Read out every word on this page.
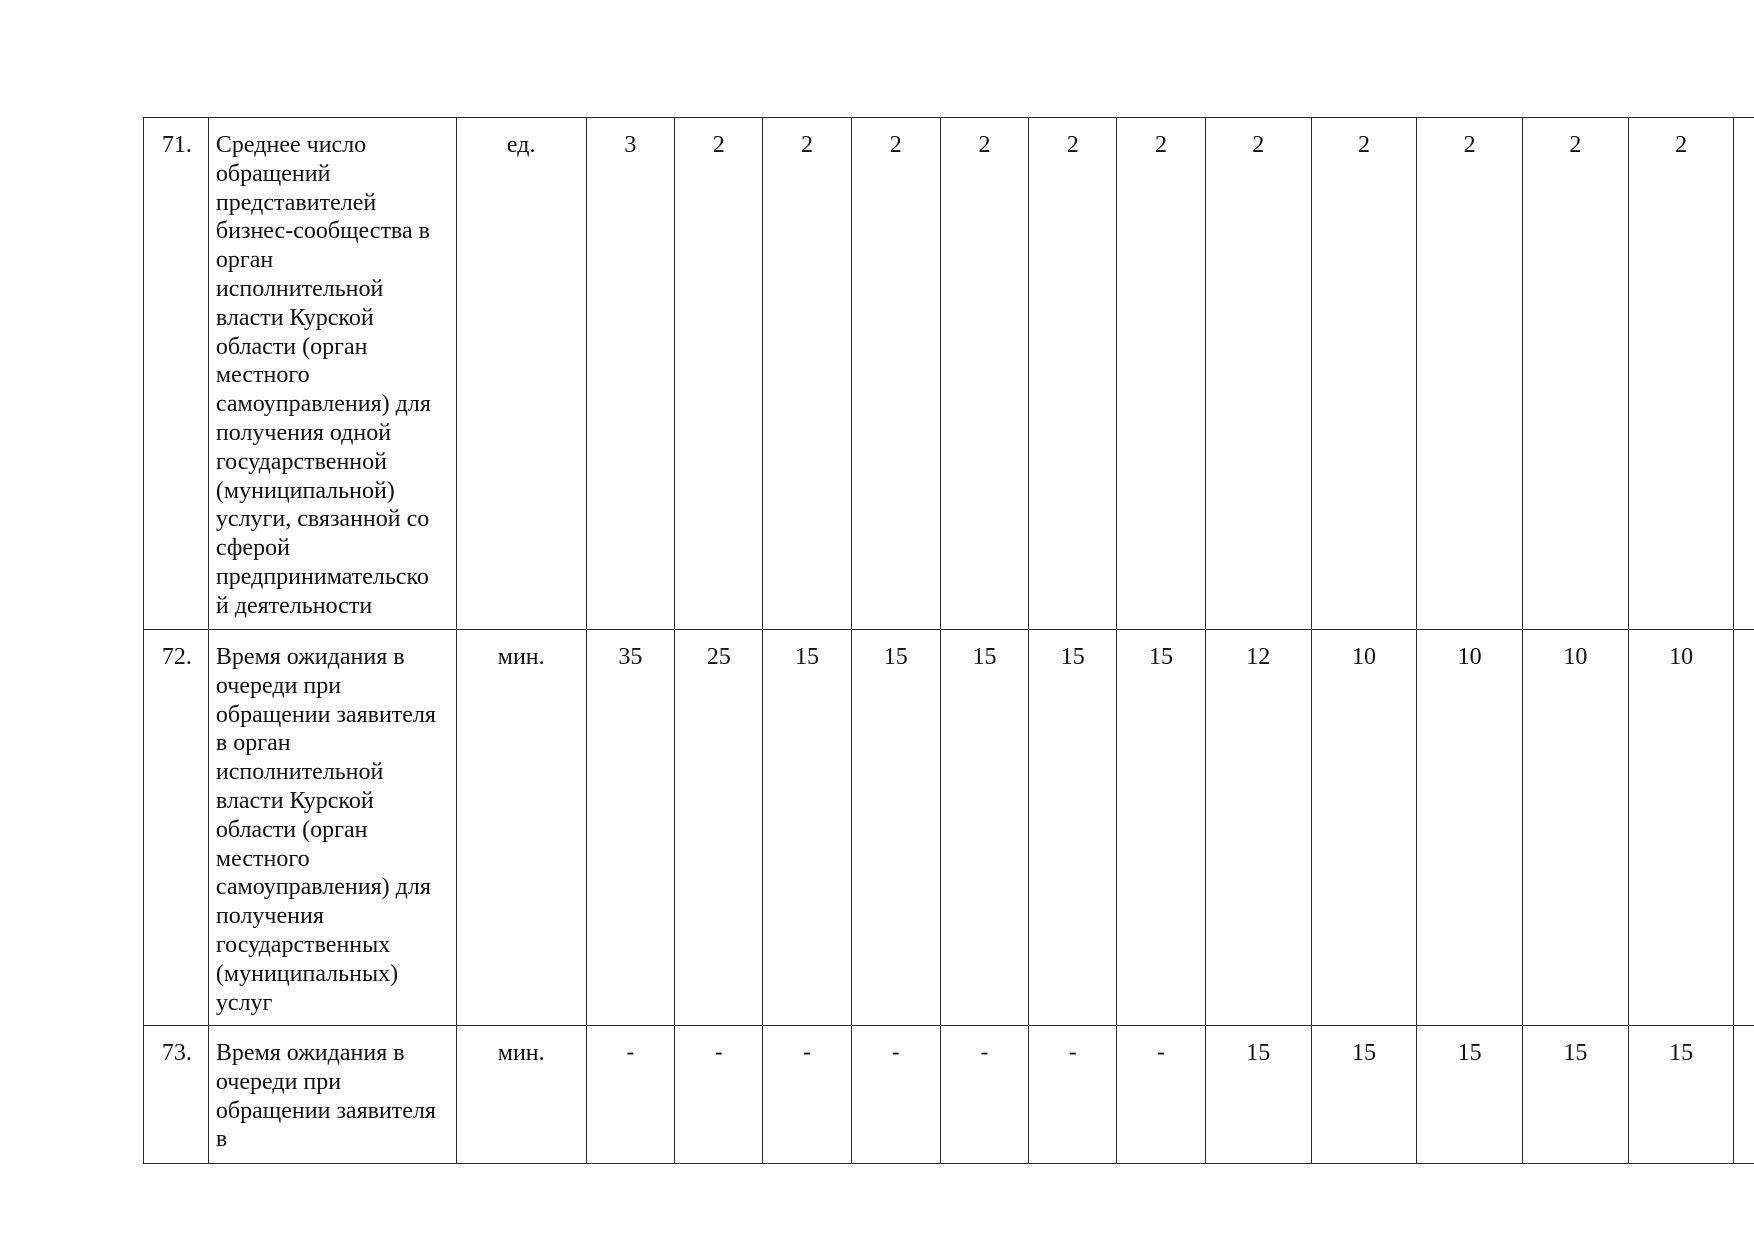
71.	Среднее число
обращений
представителей
бизнес-сообщества в
орган
исполнительной
власти Курской
области (орган
местного
самоуправления) для
получения одной
государственной
(муниципальной)
услуги, связанной со
сферой
предпринимательско
й деятельности
	ед.	3	2	2	2	2	2	2	2	2	2	2	2	
72.	Время ожидания в
очереди при
обращении заявителя
в орган
исполнительной
власти Курской
области (орган
местного
самоуправления) для
получения
государственных
(муниципальных)
услуг
	мин.	35	25	15	15	15	15	15	12	10	10	10	10	
73.	Время ожидания в
очереди при
обращении заявителя
в	мин.	-	-	-	-	-	-	-	15	15	15	15	15	
